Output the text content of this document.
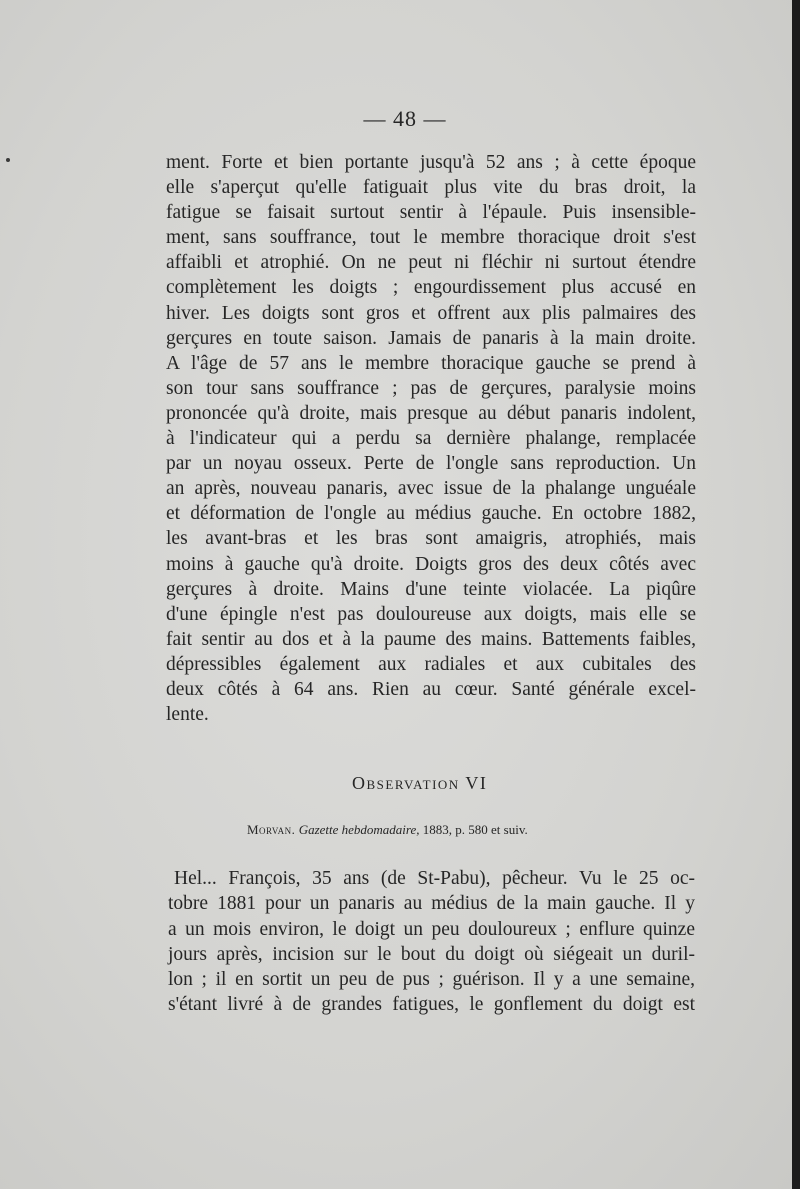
— 48 —
ment. Forte et bien portante jusqu'à 52 ans ; à cette époque
elle s'aperçut qu'elle fatiguait plus vite du bras droit, la
fatigue se faisait surtout sentir à l'épaule. Puis insensible-
ment, sans souffrance, tout le membre thoracique droit s'est
affaibli et atrophié. On ne peut ni fléchir ni surtout étendre
complètement les doigts ; engourdissement plus accusé en
hiver. Les doigts sont gros et offrent aux plis palmaires des
gerçures en toute saison. Jamais de panaris à la main droite.
A l'âge de 57 ans le membre thoracique gauche se prend à
son tour sans souffrance ; pas de gerçures, paralysie moins
prononcée qu'à droite, mais presque au début panaris indolent,
à l'indicateur qui a perdu sa dernière phalange, remplacée
par un noyau osseux. Perte de l'ongle sans reproduction. Un
an après, nouveau panaris, avec issue de la phalange unguéale
et déformation de l'ongle au médius gauche. En octobre 1882,
les avant-bras et les bras sont amaigris, atrophiés, mais
moins à gauche qu'à droite. Doigts gros des deux côtés avec
gerçures à droite. Mains d'une teinte violacée. La piqûre
d'une épingle n'est pas douloureuse aux doigts, mais elle se
fait sentir au dos et à la paume des mains. Battements faibles,
dépressibles également aux radiales et aux cubitales des
deux côtés à 64 ans. Rien au cœur. Santé générale excel-
lente.
Observation VI
Morvan. Gazette hebdomadaire, 1883, p. 580 et suiv.
Hel... François, 35 ans (de St-Pabu), pêcheur. Vu le 25 oc-
tobre 1881 pour un panaris au médius de la main gauche. Il y
a un mois environ, le doigt un peu douloureux ; enflure quinze
jours après, incision sur le bout du doigt où siégeait un duril-
lon ; il en sortit un peu de pus ; guérison. Il y a une semaine,
s'étant livré à de grandes fatigues, le gonflement du doigt est
